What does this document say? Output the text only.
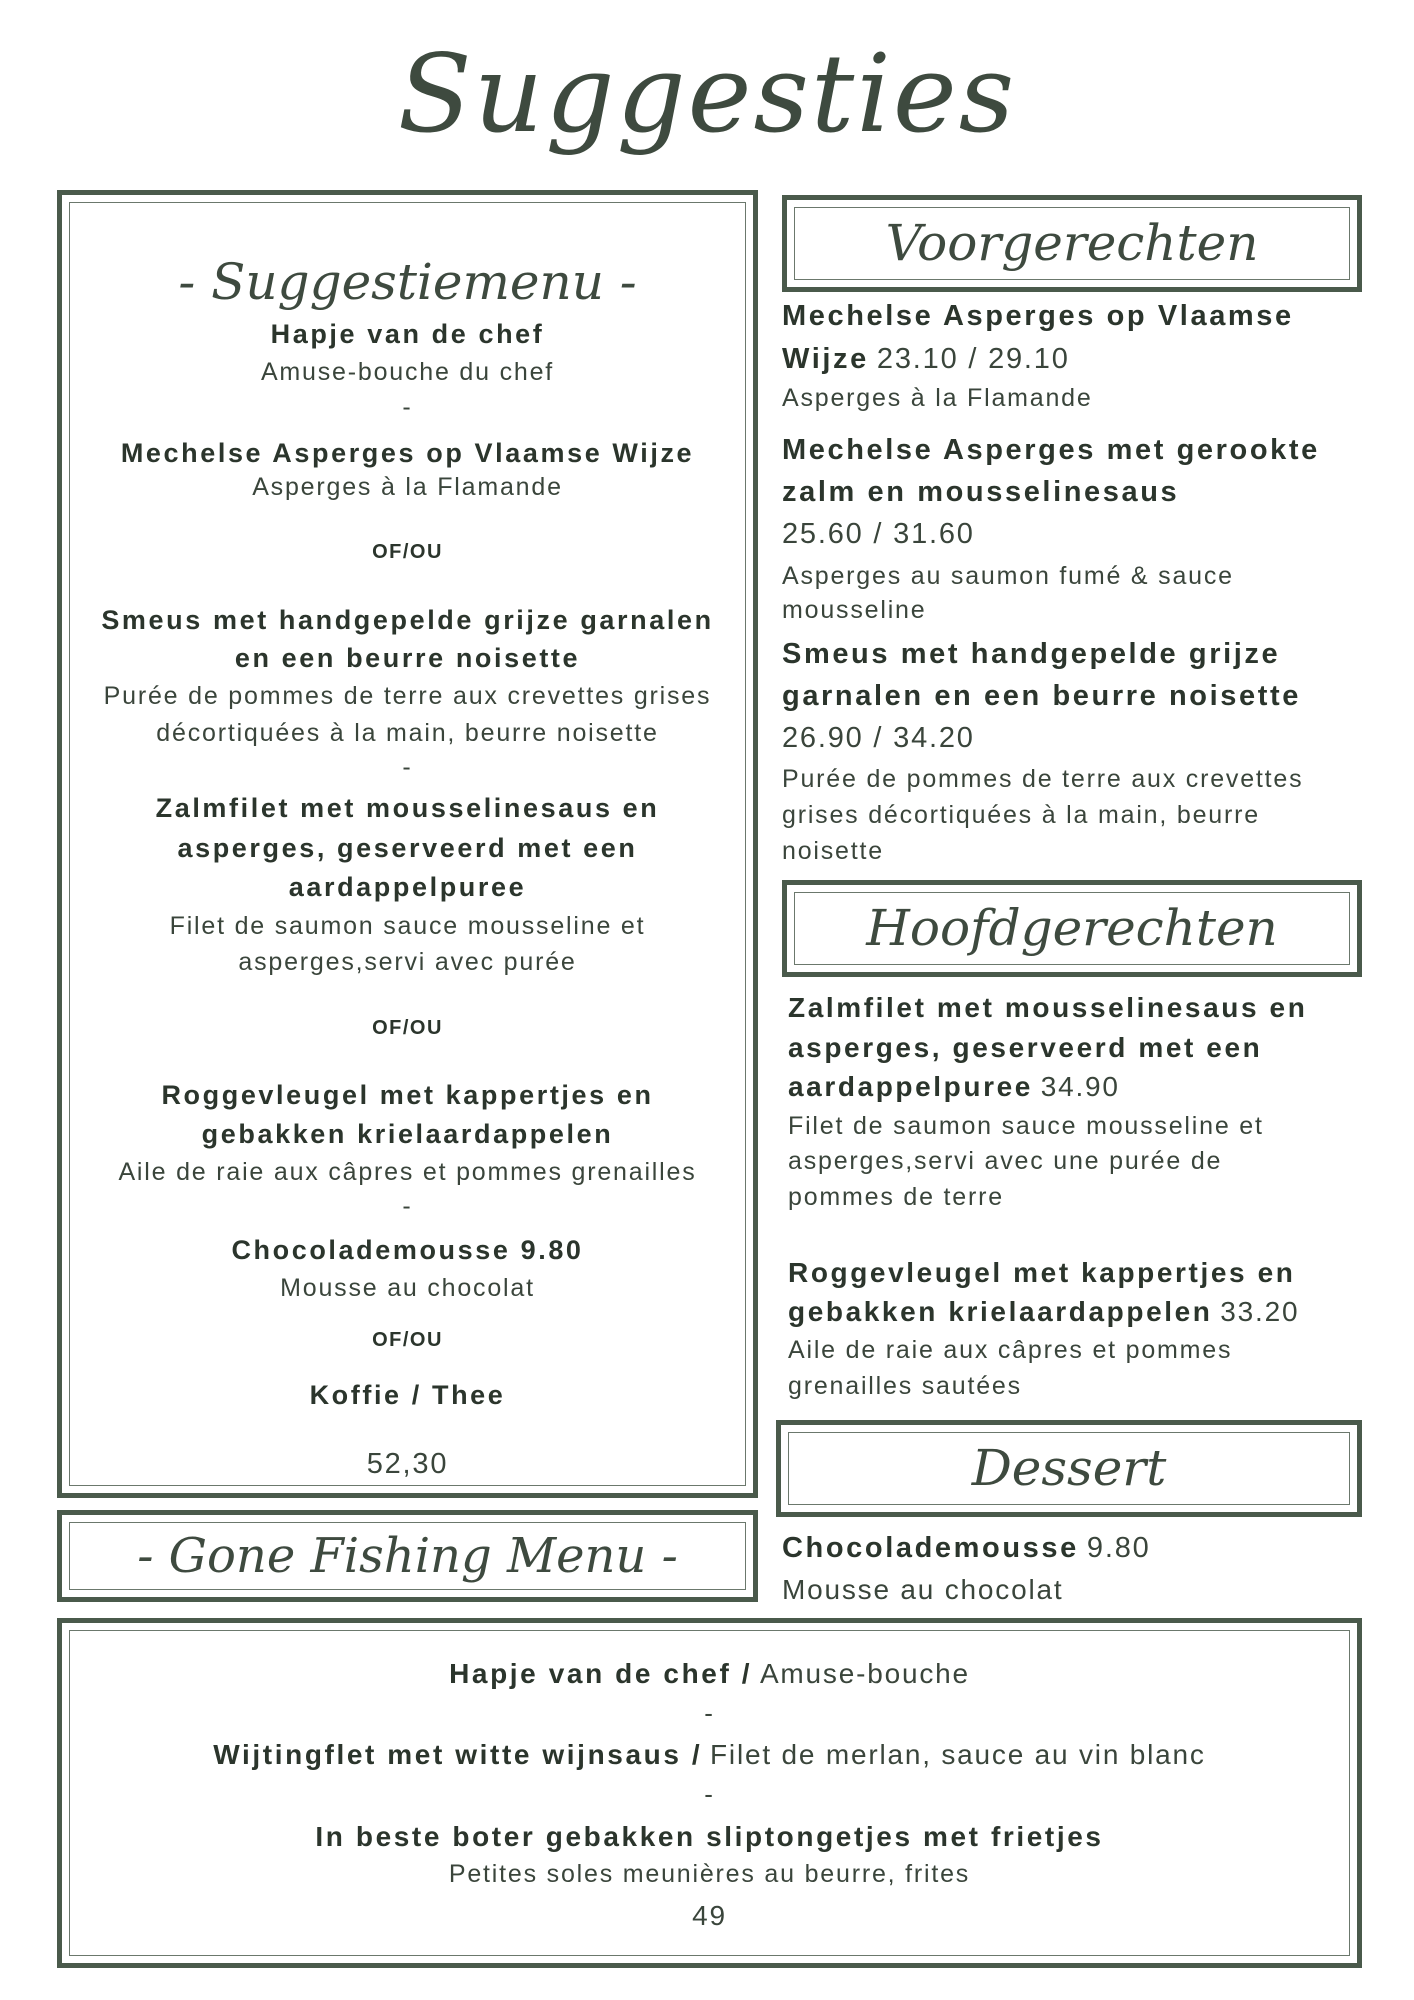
Suggesties
- Suggestiemenu -
Hapje van de chef
Amuse-bouche du chef
-
Mechelse Asperges op Vlaamse Wijze
Asperges à la Flamande
OF/OU
Smeus met handgepelde grijze garnalen
en een beurre noisette
Purée de pommes de terre aux crevettes grises
décortiquées à la main, beurre noisette
-
Zalmfilet met mousselinesaus en
asperges, geserveerd met een
aardappelpuree
Filet de saumon sauce mousseline et
asperges,servi avec purée
OF/OU
Roggevleugel met kappertjes en
gebakken krielaardappelen
Aile de raie aux câpres et pommes grenailles
-
Chocolademousse 9.80
Mousse au chocolat
OF/OU
Koffie / Thee
52,30
- Gone Fishing Menu -
Voorgerechten
Mechelse Asperges op Vlaamse
Wijze 23.10 / 29.10
Asperges à la Flamande
Mechelse Asperges met gerookte
zalm en mousselinesaus
25.60 / 31.60
Asperges au saumon fumé & sauce
mousseline
Smeus met handgepelde grijze
garnalen en een beurre noisette
26.90 / 34.20
Purée de pommes de terre aux crevettes
grises décortiquées à la main, beurre
noisette
Hoofdgerechten
Zalmfilet met mousselinesaus en
asperges, geserveerd met een
aardappelpuree 34.90
Filet de saumon sauce mousseline et
asperges,servi avec une purée de
pommes de terre
Roggevleugel met kappertjes en
gebakken krielaardappelen 33.20
Aile de raie aux câpres et pommes
grenailles sautées
Dessert
Chocolademousse 9.80
Mousse au chocolat
Hapje van de chef / Amuse-bouche
-
Wijtingflet met witte wijnsaus / Filet de merlan, sauce au vin blanc
-
In beste boter gebakken sliptongetjes met frietjes
Petites soles meunières au beurre, frites
49
